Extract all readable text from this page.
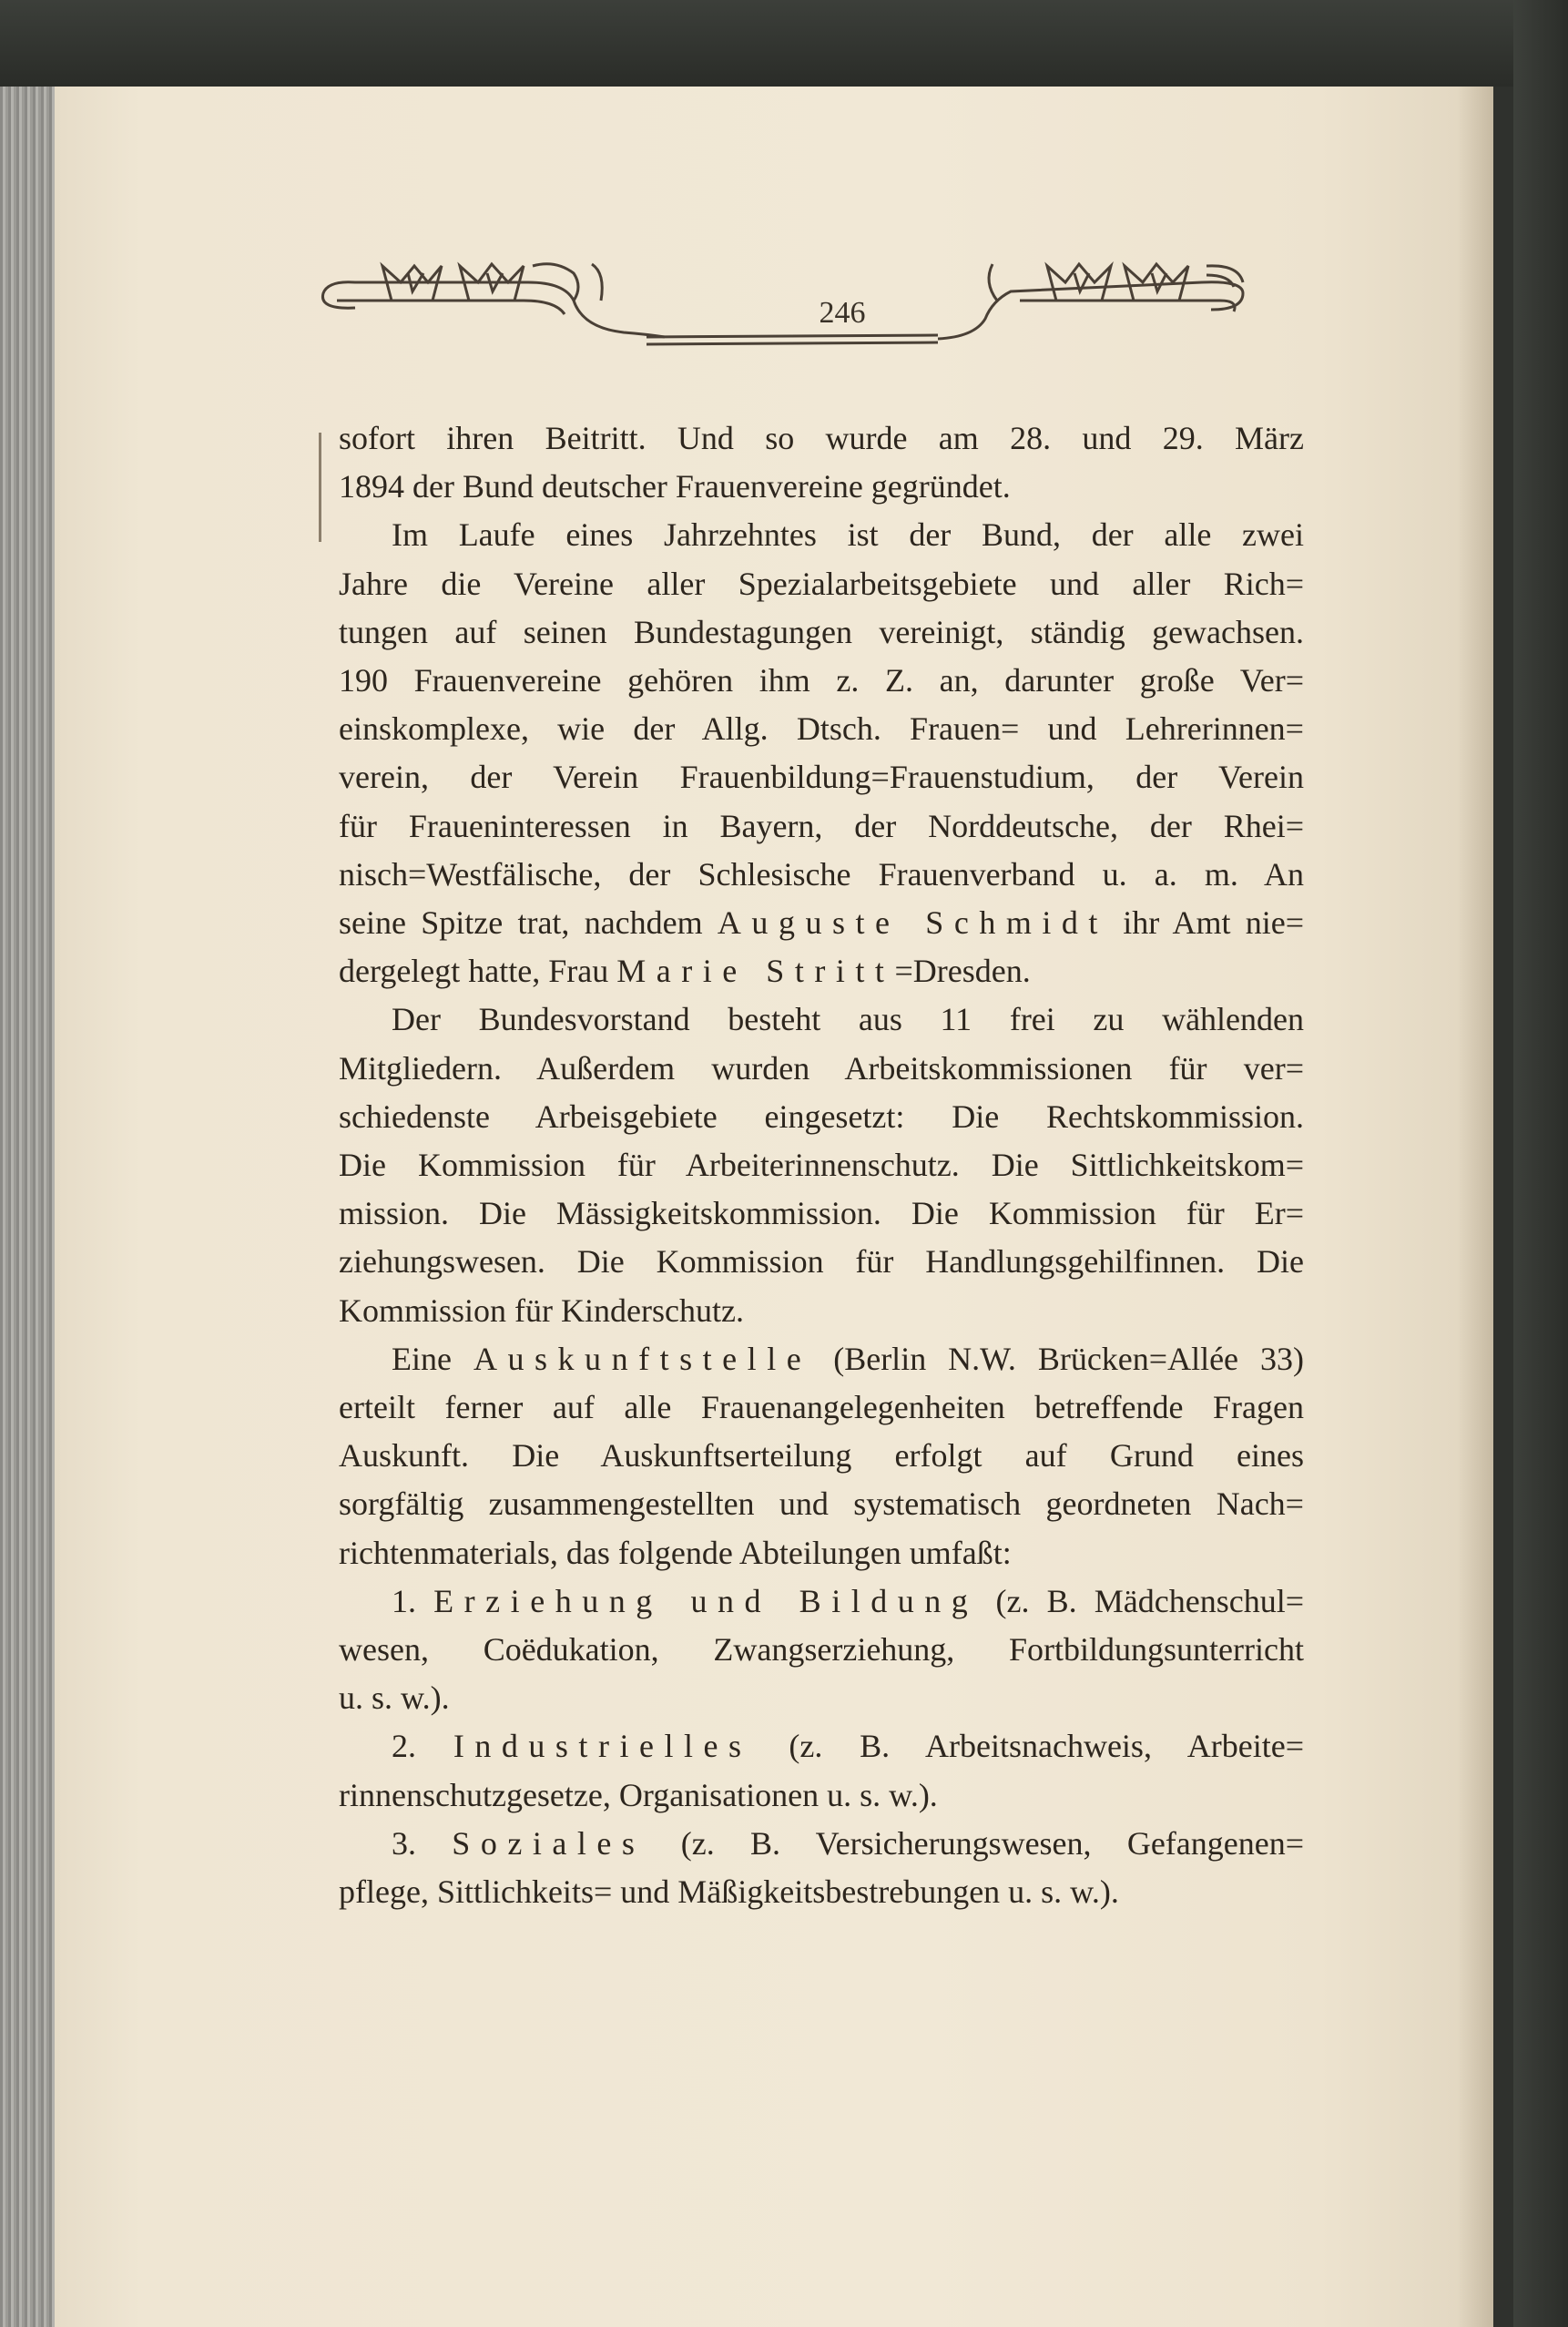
246
sofort ihren Beitritt. Und so wurde am 28. und 29. März
1894 der Bund deutscher Frauenvereine gegründet.
Im Laufe eines Jahrzehntes ist der Bund, der alle zwei
Jahre die Vereine aller Spezialarbeitsgebiete und aller Rich=
tungen auf seinen Bundestagungen vereinigt, ständig gewachsen.
190 Frauenvereine gehören ihm z. Z. an, darunter große Ver=
einskomplexe, wie der Allg. Dtsch. Frauen= und Lehrerinnen=
verein, der Verein Frauenbildung=Frauenstudium, der Verein
für Fraueninteressen in Bayern, der Norddeutsche, der Rhei=
nisch=Westfälische, der Schlesische Frauenverband u. a. m. An
seine Spitze trat, nachdem Auguste Schmidt ihr Amt nie=
dergelegt hatte, Frau Marie Stritt=Dresden.
Der Bundesvorstand besteht aus 11 frei zu wählenden
Mitgliedern. Außerdem wurden Arbeitskommissionen für ver=
schiedenste Arbeisgebiete eingesetzt: Die Rechtskommission.
Die Kommission für Arbeiterinnenschutz. Die Sittlichkeitskom=
mission. Die Mässigkeitskommission. Die Kommission für Er=
ziehungswesen. Die Kommission für Handlungsgehilfinnen. Die
Kommission für Kinderschutz.
Eine Auskunftstelle (Berlin N.W. Brücken=Allée 33)
erteilt ferner auf alle Frauenangelegenheiten betreffende Fragen
Auskunft. Die Auskunftserteilung erfolgt auf Grund eines
sorgfältig zusammengestellten und systematisch geordneten Nach=
richtenmaterials, das folgende Abteilungen umfaßt:
1. Erziehung und Bildung (z. B. Mädchenschul=
wesen, Coëdukation, Zwangserziehung, Fortbildungsunterricht
u. s. w.).
2. Industrielles (z. B. Arbeitsnachweis, Arbeite=
rinnenschutzgesetze, Organisationen u. s. w.).
3. Soziales (z. B. Versicherungswesen, Gefangenen=
pflege, Sittlichkeits= und Mäßigkeitsbestrebungen u. s. w.).
